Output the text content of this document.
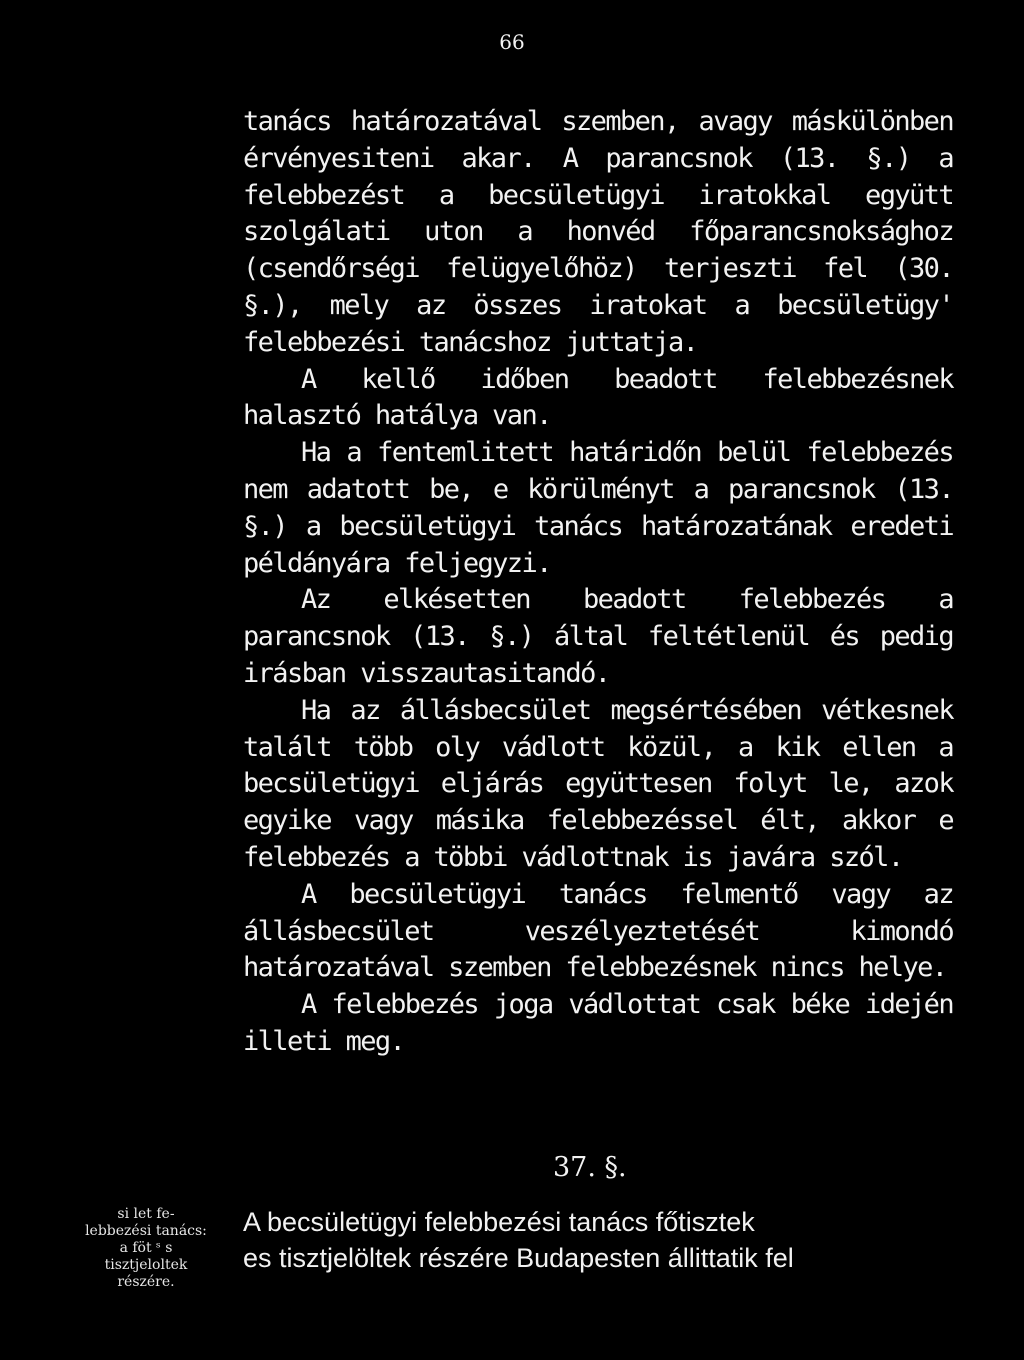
66

tanács határozatával szemben, avagy máskülönben érvényesiteni akar. A parancsnok (13. §.) a felebbezést a becsületügyi iratokkal együtt szolgálati uton a honvéd főparancsnoksághoz (csendőrségi felügyelőhöz) terjeszti fel (30. §.), mely az összes iratokat a becsületügy' felebbezési tanácshoz juttatja.

A kellő időben beadott felebbezésnek halasztó hatálya van.

Ha a fentemlitett határidőn belül felebbezés nem adatott be, e körülményt a parancsnok (13. §.) a becsületügyi tanács határozatának eredeti példányára feljegyzi.

Az elkésetten beadott felebbezés a parancsnok (13. §.) által feltétlenül és pedig irásban visszautasitandó.

Ha az állásbecsület megsértésében vétkesnek talált több oly vádlott közül, a kik ellen a becsületügyi eljárás együttesen folyt le, azok egyike vagy másika felebbezéssel élt, akkor e felebbezés a többi vádlottnak is javára szól.

A becsületügyi tanács felmentő vagy az állásbecsület veszélyeztetését kimondó határozatával szemben felebbezésnek nincs helye.

A felebbezés joga vádlottat csak béke idején illeti meg.

37. §.
A becsületügyi felebbezési tanács főtisztek
es tisztjelöltek részére Budapesten állittatik fel
si let fe-
lebbezési tanács:
a föt ˢ s
tisztjeloltek
részére.
